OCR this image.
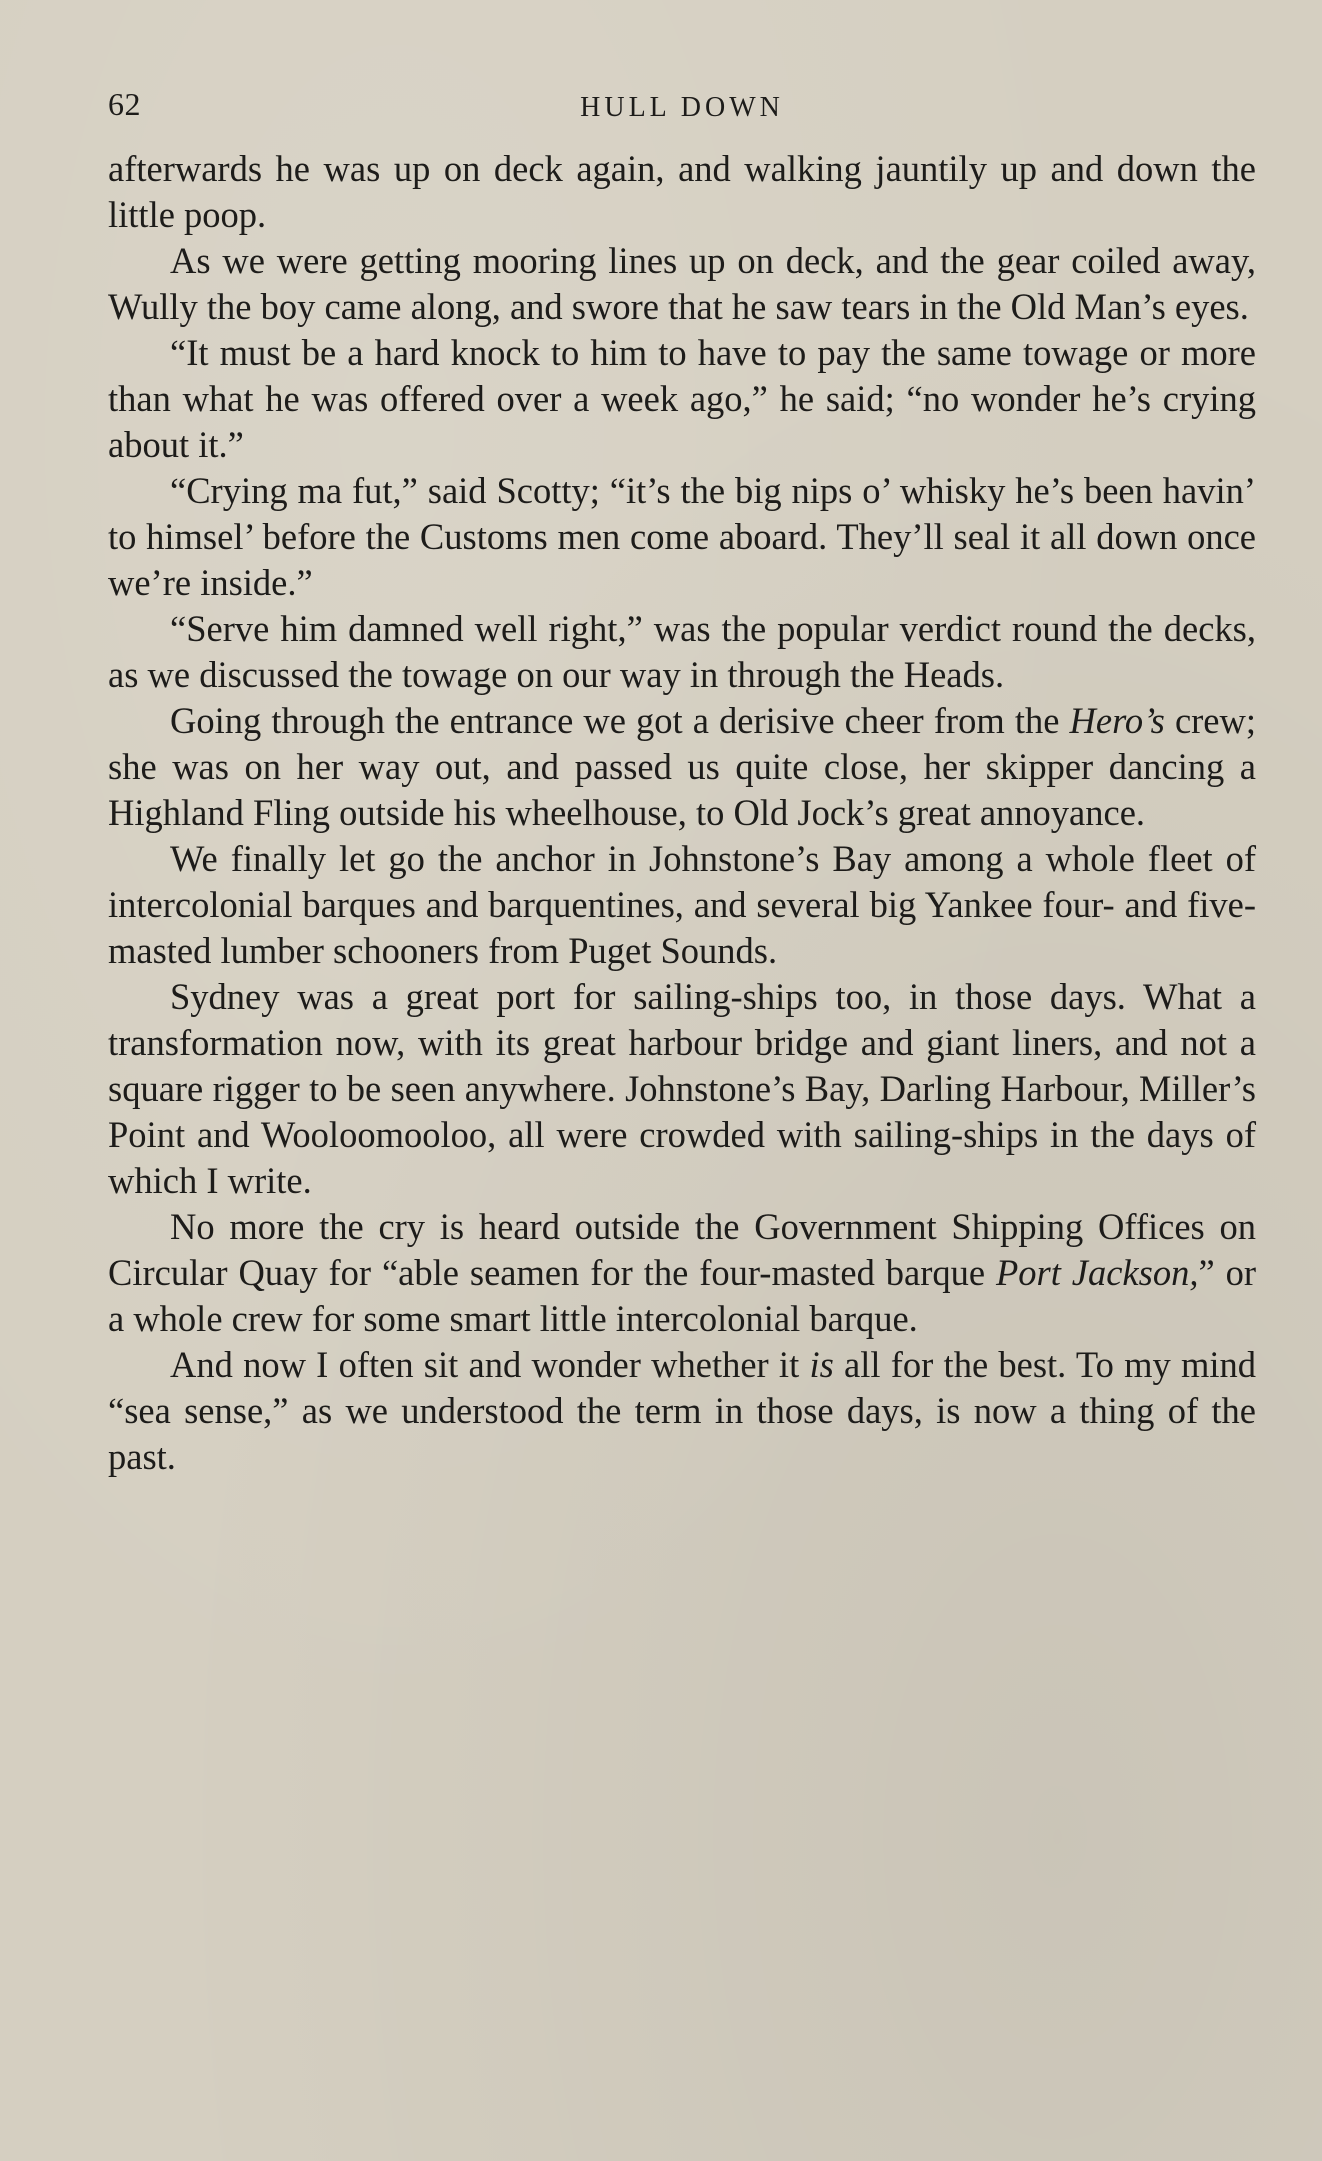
62	HULL DOWN

afterwards he was up on deck again, and walking jauntily up and down the little poop.

As we were getting mooring lines up on deck, and the gear coiled away, Wully the boy came along, and swore that he saw tears in the Old Man’s eyes.

“It must be a hard knock to him to have to pay the same towage or more than what he was offered over a week ago,” he said; “no wonder he’s crying about it.”

“Crying ma fut,” said Scotty; “it’s the big nips o’ whisky he’s been havin’ to himsel’ before the Customs men come aboard. They’ll seal it all down once we’re inside.”

“Serve him damned well right,” was the popular verdict round the decks, as we discussed the towage on our way in through the Heads.

Going through the entrance we got a derisive cheer from the Hero’s crew; she was on her way out, and passed us quite close, her skipper dancing a Highland Fling outside his wheelhouse, to Old Jock’s great annoyance.

We finally let go the anchor in Johnstone’s Bay among a whole fleet of intercolonial barques and barquentines, and several big Yankee four- and five-masted lumber schooners from Puget Sounds.

Sydney was a great port for sailing-ships too, in those days. What a transformation now, with its great harbour bridge and giant liners, and not a square rigger to be seen anywhere. Johnstone’s Bay, Darling Harbour, Miller’s Point and Wooloomooloo, all were crowded with sailing-ships in the days of which I write.

No more the cry is heard outside the Government Shipping Offices on Circular Quay for “able seamen for the four-masted barque Port Jackson,” or a whole crew for some smart little intercolonial barque.

And now I often sit and wonder whether it is all for the best. To my mind “sea sense,” as we understood the term in those days, is now a thing of the past.
